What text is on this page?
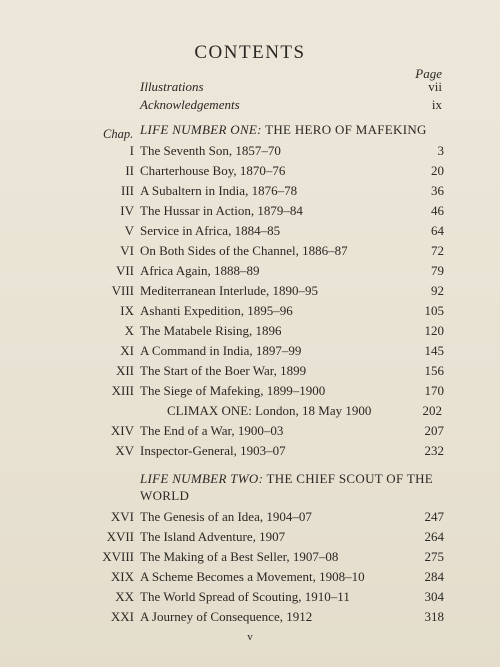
CONTENTS
Page
Illustrations	vii
Acknowledgements	ix
Chap. LIFE NUMBER ONE: THE HERO OF MAFEKING
I The Seventh Son, 1857–70	3
II Charterhouse Boy, 1870–76	20
III A Subaltern in India, 1876–78	36
IV The Hussar in Action, 1879–84	46
V Service in Africa, 1884–85	64
VI On Both Sides of the Channel, 1886–87	72
VII Africa Again, 1888–89	79
VIII Mediterranean Interlude, 1890–95	92
IX Ashanti Expedition, 1895–96	105
X The Matabele Rising, 1896	120
XI A Command in India, 1897–99	145
XII The Start of the Boer War, 1899	156
XIII The Siege of Mafeking, 1899–1900	170
CLIMAX ONE: London, 18 May 1900	202
XIV The End of a War, 1900–03	207
XV Inspector-General, 1903–07	232
LIFE NUMBER TWO: THE CHIEF SCOUT OF THE WORLD
XVI The Genesis of an Idea, 1904–07	247
XVII The Island Adventure, 1907	264
XVIII The Making of a Best Seller, 1907–08	275
XIX A Scheme Becomes a Movement, 1908–10	284
XX The World Spread of Scouting, 1910–11	304
XXI A Journey of Consequence, 1912	318
v
